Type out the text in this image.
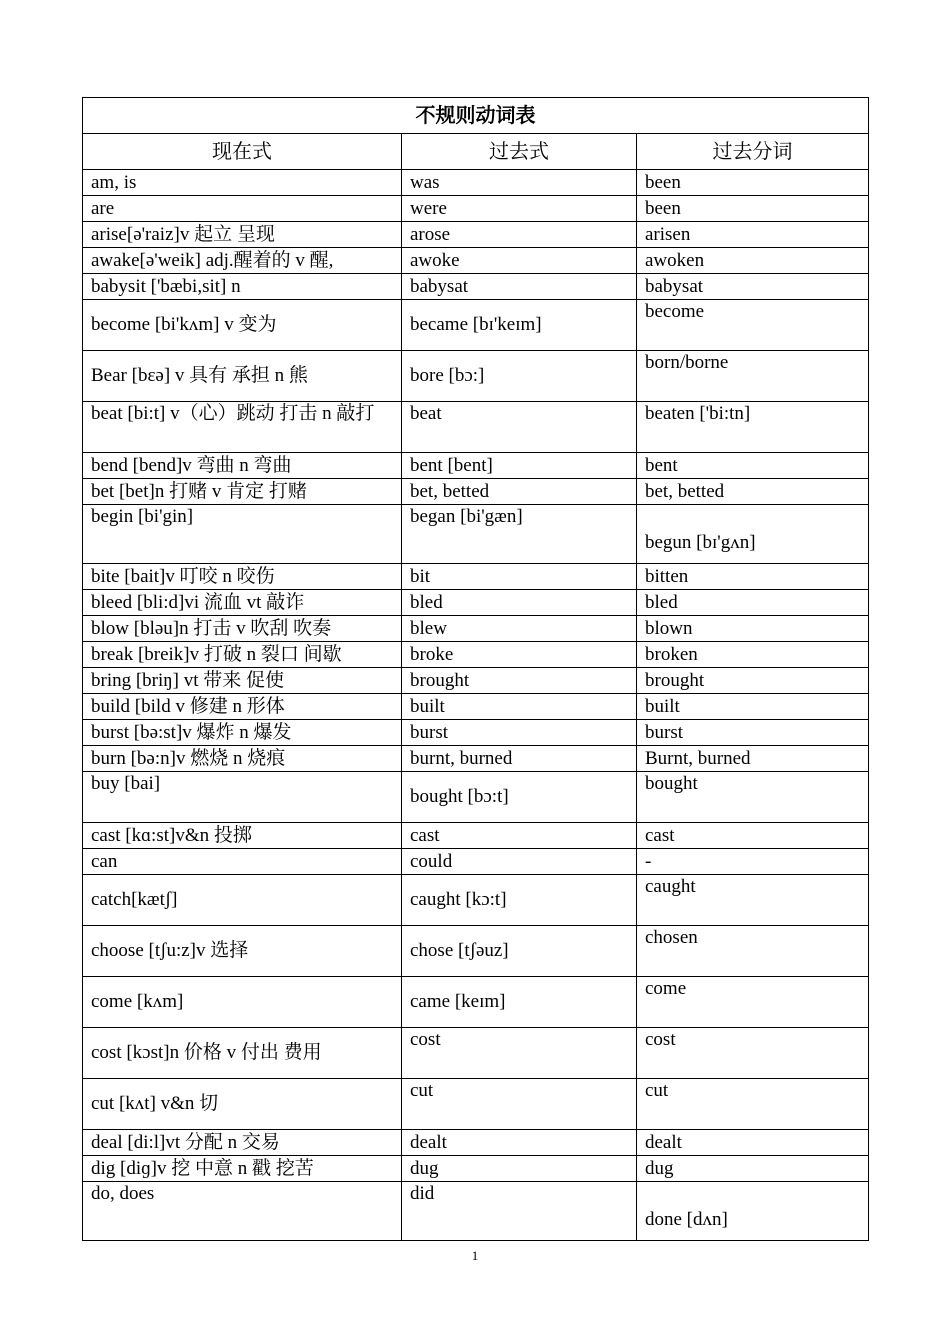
不规则动词表		
现在式	过去式	过去分词
am, is	was	been
are	were	been
arise[ə'raiz]v 起立 呈现	arose	arisen
awake[ə'weik] adj.醒着的 v 醒,	awoke	awoken
babysit ['bæbi,sit] n	babysat	babysat
become [bi'kʌm] v 变为	became [bɪ'keɪm]	become
Bear [bɛə] v 具有 承担 n 熊	bore [bɔ:]	born/borne
beat [bi:t] v（心）跳动 打击 n 敲打	beat	beaten ['bi:tn]
bend [bend]v 弯曲 n 弯曲	bent [bent]	bent
bet [bet]n 打赌 v 肯定 打赌	bet, betted	bet, betted
begin [bi'gin]	began [bi'gæn]	begun [bɪ'gʌn]
bite [bait]v 叮咬 n 咬伤	bit	bitten
bleed [bli:d]vi 流血 vt 敲诈	bled	bled
blow [bləu]n 打击 v 吹刮 吹奏	blew	blown
break [breik]v 打破 n 裂口 间歇	broke	broken
bring [briŋ] vt 带来 促使	brought	brought
build [bild v 修建 n 形体	built	built
burst [bə:st]v 爆炸 n 爆发	burst	burst
burn [bə:n]v 燃烧 n 烧痕	burnt, burned	Burnt, burned
buy [bai]	bought [bɔ:t]	bought
cast [kɑ:st]v&n 投掷	cast	cast
can	could	-
catch[kætʃ]	caught [kɔ:t]	caught
choose [tʃu:z]v 选择	chose [tʃəuz]	chosen
come [kʌm]	came [keɪm]	come
cost [kɔst]n 价格 v 付出 费用	cost	cost
cut [kʌt] v&n 切	cut	cut
deal [di:l]vt 分配 n 交易	dealt	dealt
dig [diɡ]v 挖 中意 n 戳 挖苦	dug	dug
do, does	did	done [dʌn]
1
